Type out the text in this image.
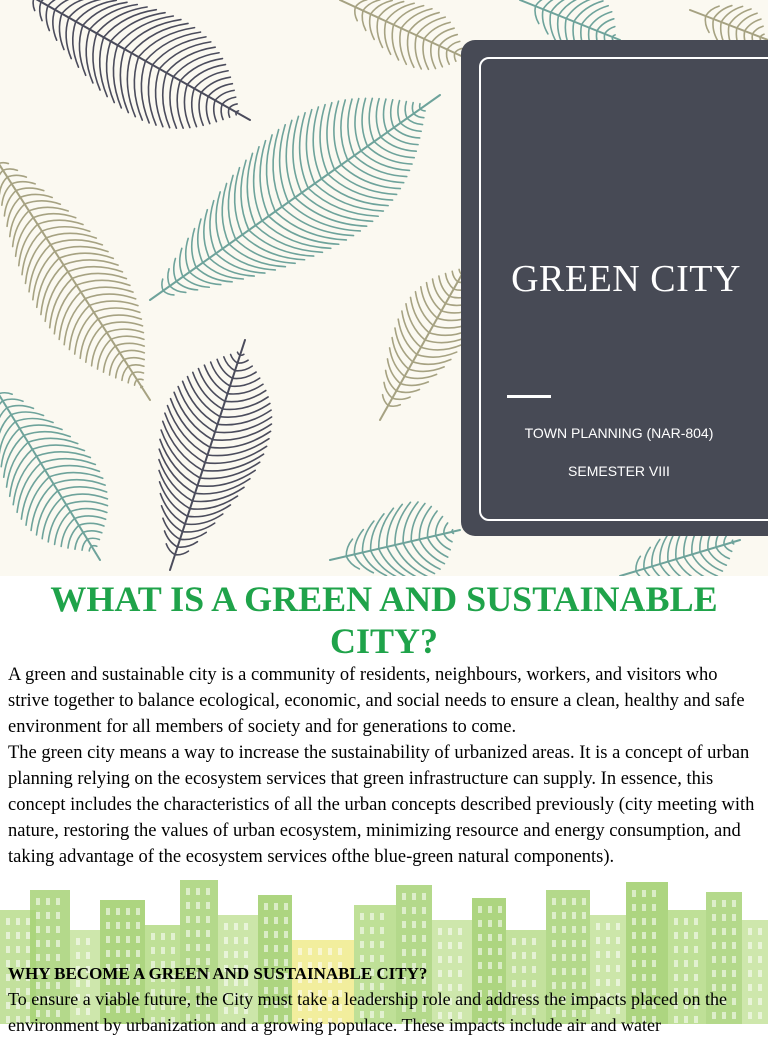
GREEN CITY
TOWN PLANNING (NAR-804)
SEMESTER VIII
WHAT IS A GREEN AND SUSTAINABLE CITY?

A green and sustainable city is a community of residents, neighbours, workers, and visitors who strive together to balance ecological, economic, and social needs to ensure a clean, healthy and safe environment for all members of society and for generations to come.

The green city means a way to increase the sustainability of urbanized areas. It is a concept of urban planning relying on the ecosystem services that green infrastructure can supply. In essence, this concept includes the characteristics of all the urban concepts described previously (city meeting with nature, restoring the values of urban ecosystem, minimizing resource and energy consumption, and taking advantage of the ecosystem services ofthe blue-green natural components).

WHY BECOME A GREEN AND SUSTAINABLE CITY?

To ensure a viable future, the City must take a leadership role and address the impacts placed on the environment by urbanization and a growing populace. These impacts include air and water
